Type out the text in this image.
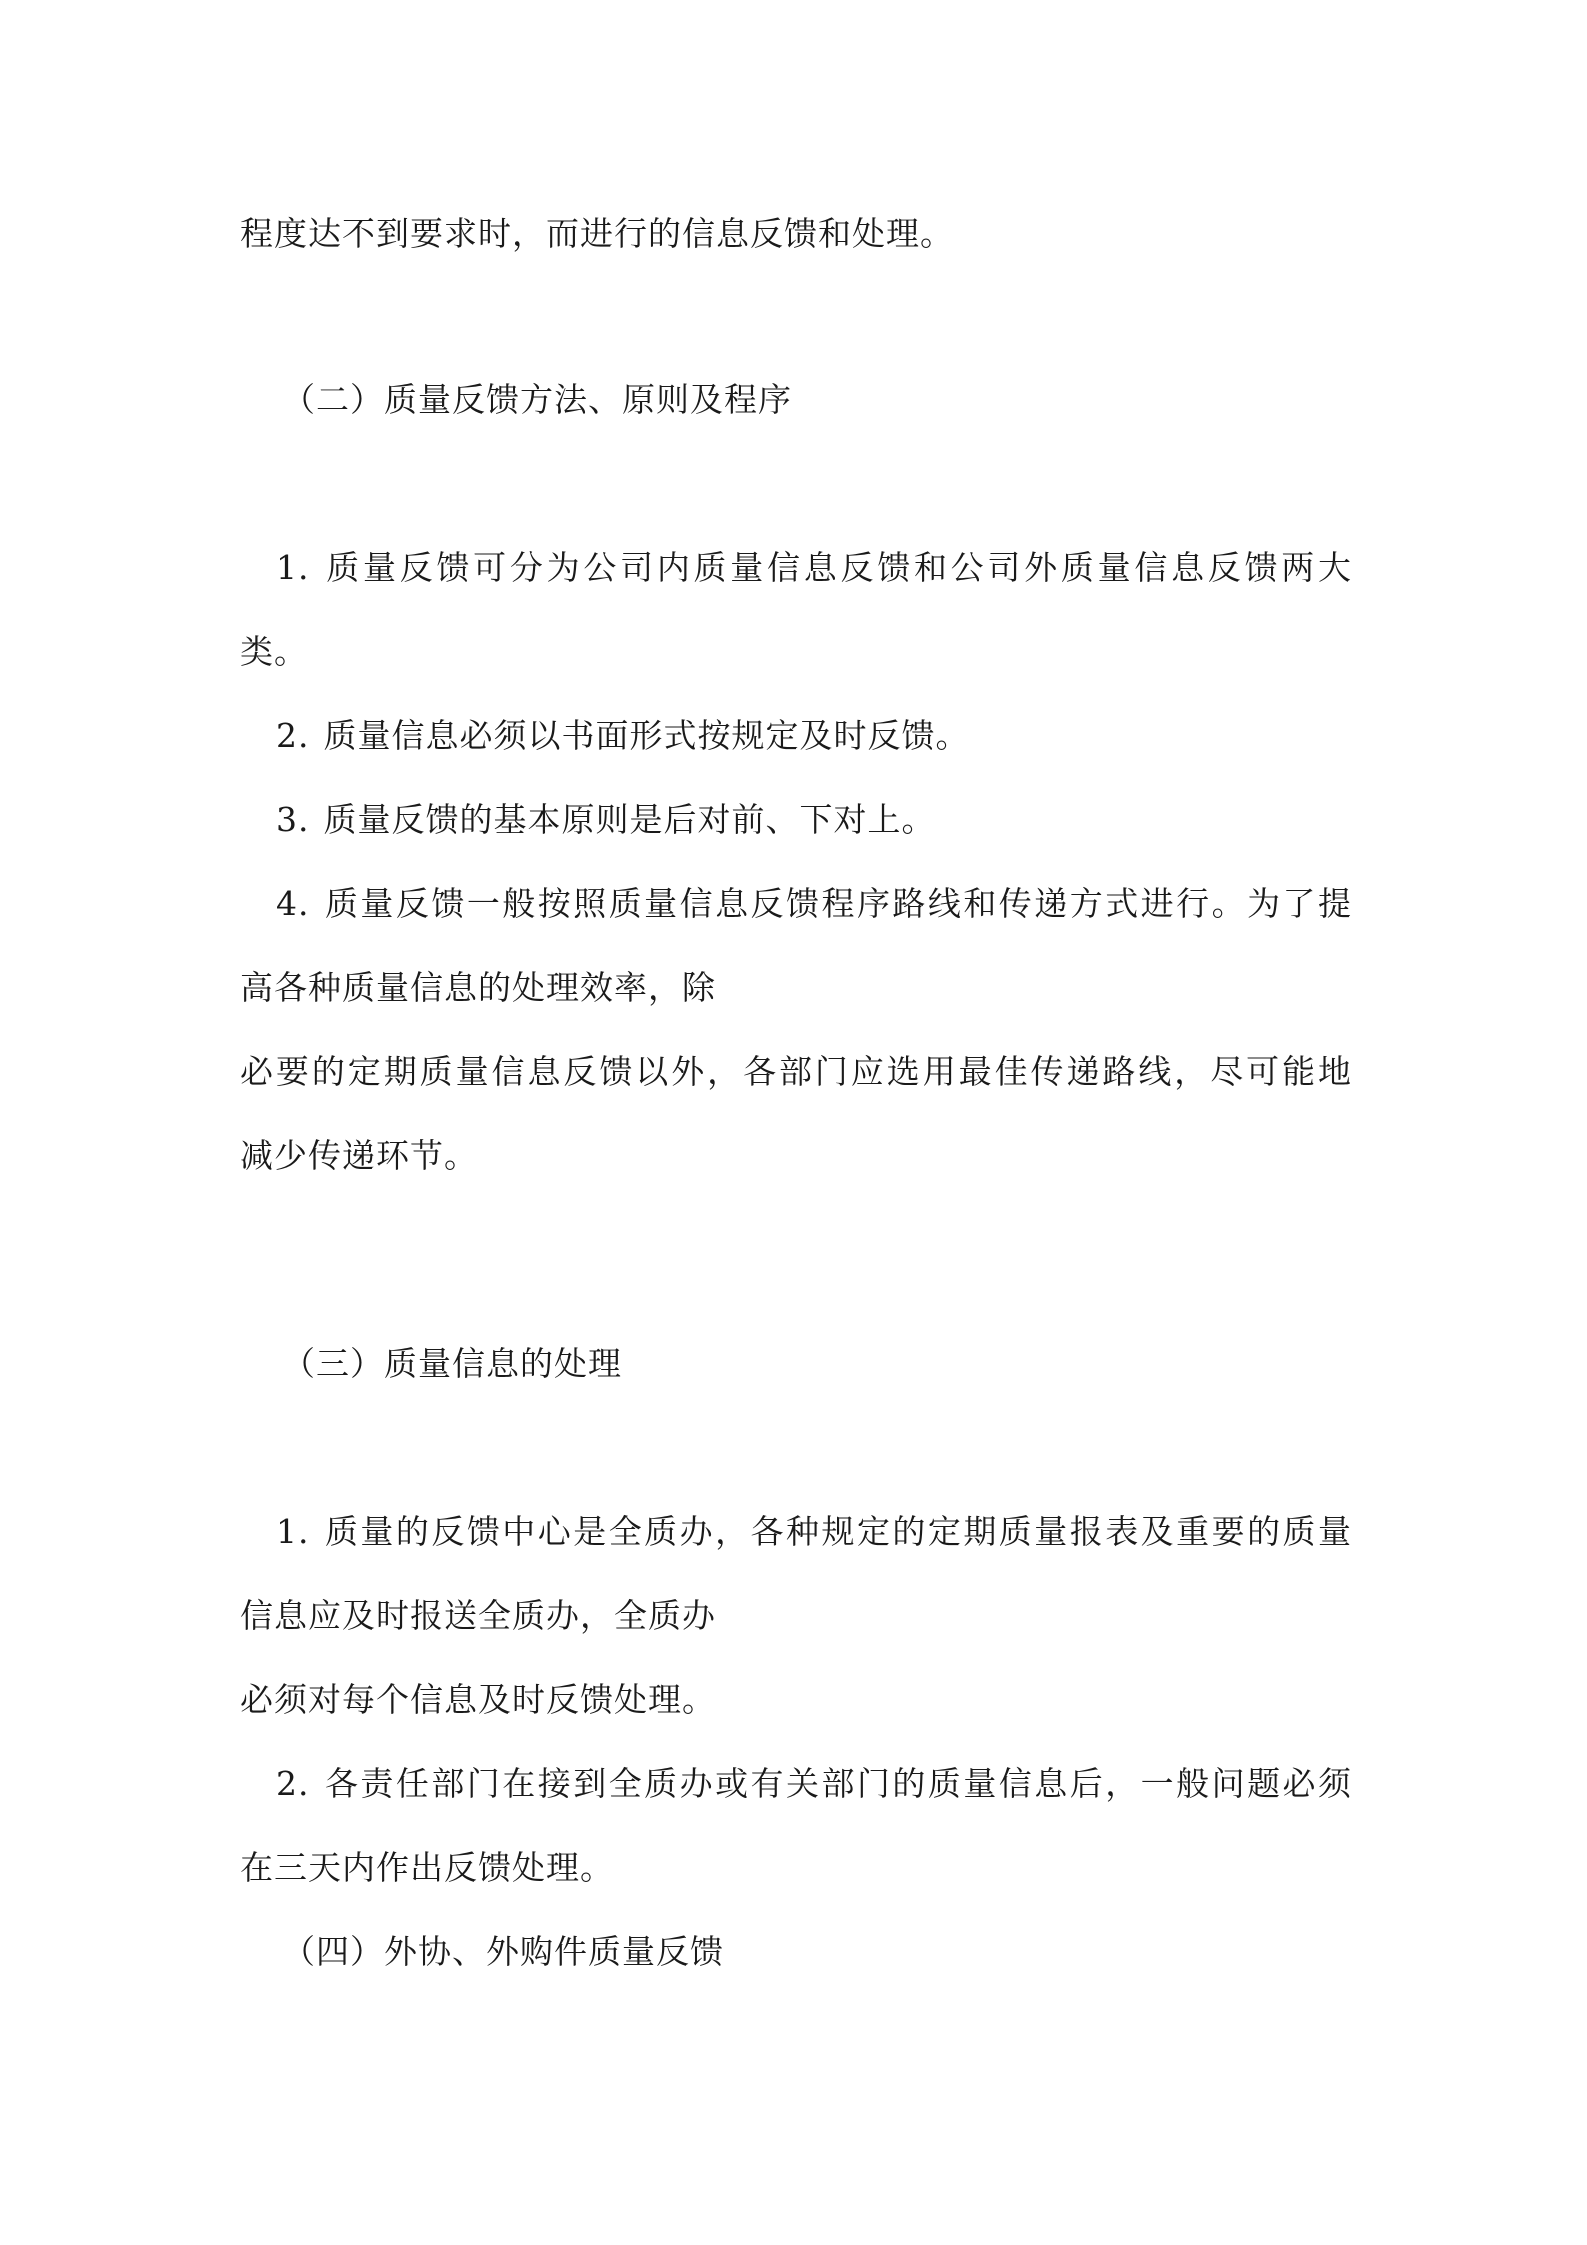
程度达不到要求时，而进行的信息反馈和处理。
（二）质量反馈方法、原则及程序
1. 质量反馈可分为公司内质量信息反馈和公司外质量信息反馈两大
类。
2. 质量信息必须以书面形式按规定及时反馈。
3. 质量反馈的基本原则是后对前、下对上。
4. 质量反馈一般按照质量信息反馈程序路线和传递方式进行。为了提
高各种质量信息的处理效率，除
必要的定期质量信息反馈以外，各部门应选用最佳传递路线，尽可能地
减少传递环节。
（三）质量信息的处理
1. 质量的反馈中心是全质办，各种规定的定期质量报表及重要的质量
信息应及时报送全质办，全质办
必须对每个信息及时反馈处理。
2. 各责任部门在接到全质办或有关部门的质量信息后，一般问题必须
在三天内作出反馈处理。
（四）外协、外购件质量反馈
